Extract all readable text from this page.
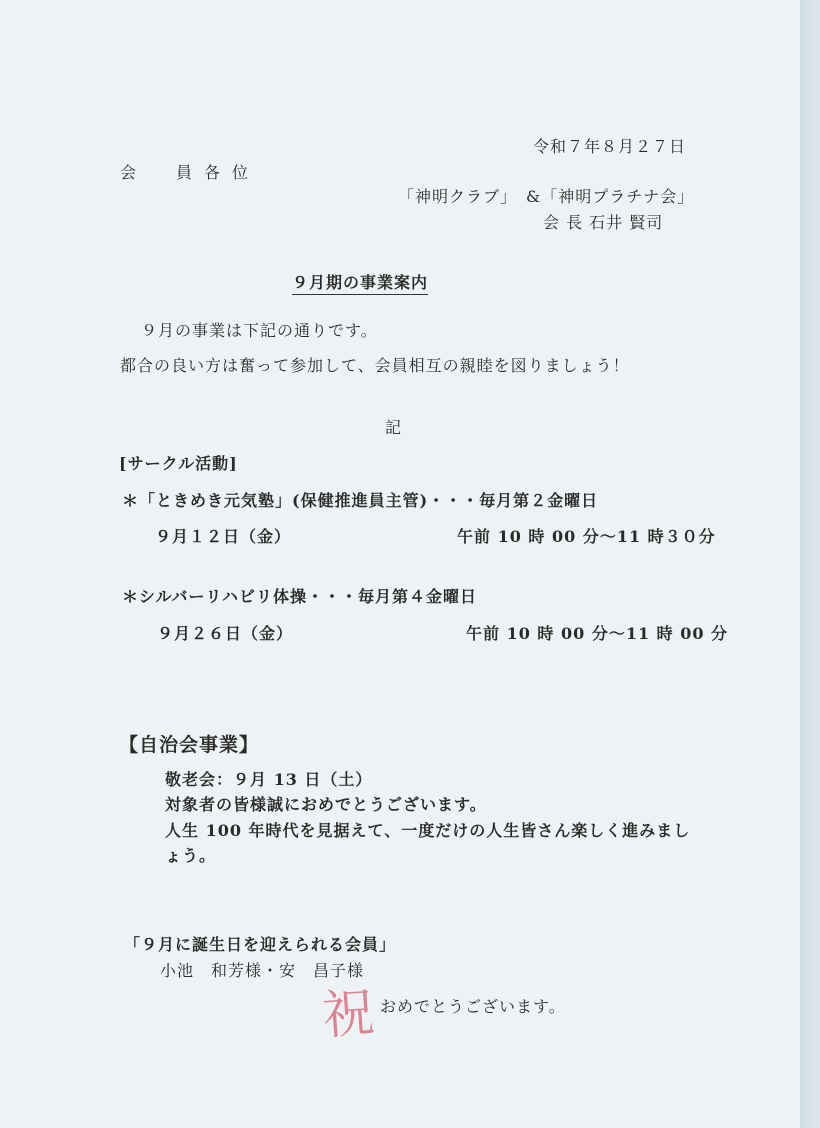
令和７年８月２７日
会　員各位
「神明クラブ」　&「神明プラチナ会」
会 長 石井 賢司
９月期の事業案内
９月の事業は下記の通りです。
都合の良い方は奮って参加して、会員相互の親睦を図りましょう！
記
[サークル活動]
＊「ときめき元気塾」(保健推進員主管)・・・毎月第２金曜日
９月１２日（金）	午前 10 時 00 分～11 時３０分
＊シルバーリハビリ体操・・・毎月第４金曜日
９月２６日（金）	午前 10 時 00 分～11 時 00 分
【自治会事業】
敬老会：９月 13 日（土）
対象者の皆様誠におめでとうございます。
人生 100 年時代を見据えて、一度だけの人生皆さん楽しく進みまし
ょう。
「９月に誕生日を迎えられる会員」
小池　和芳様・安　昌子様
祝 おめでとうございます。
